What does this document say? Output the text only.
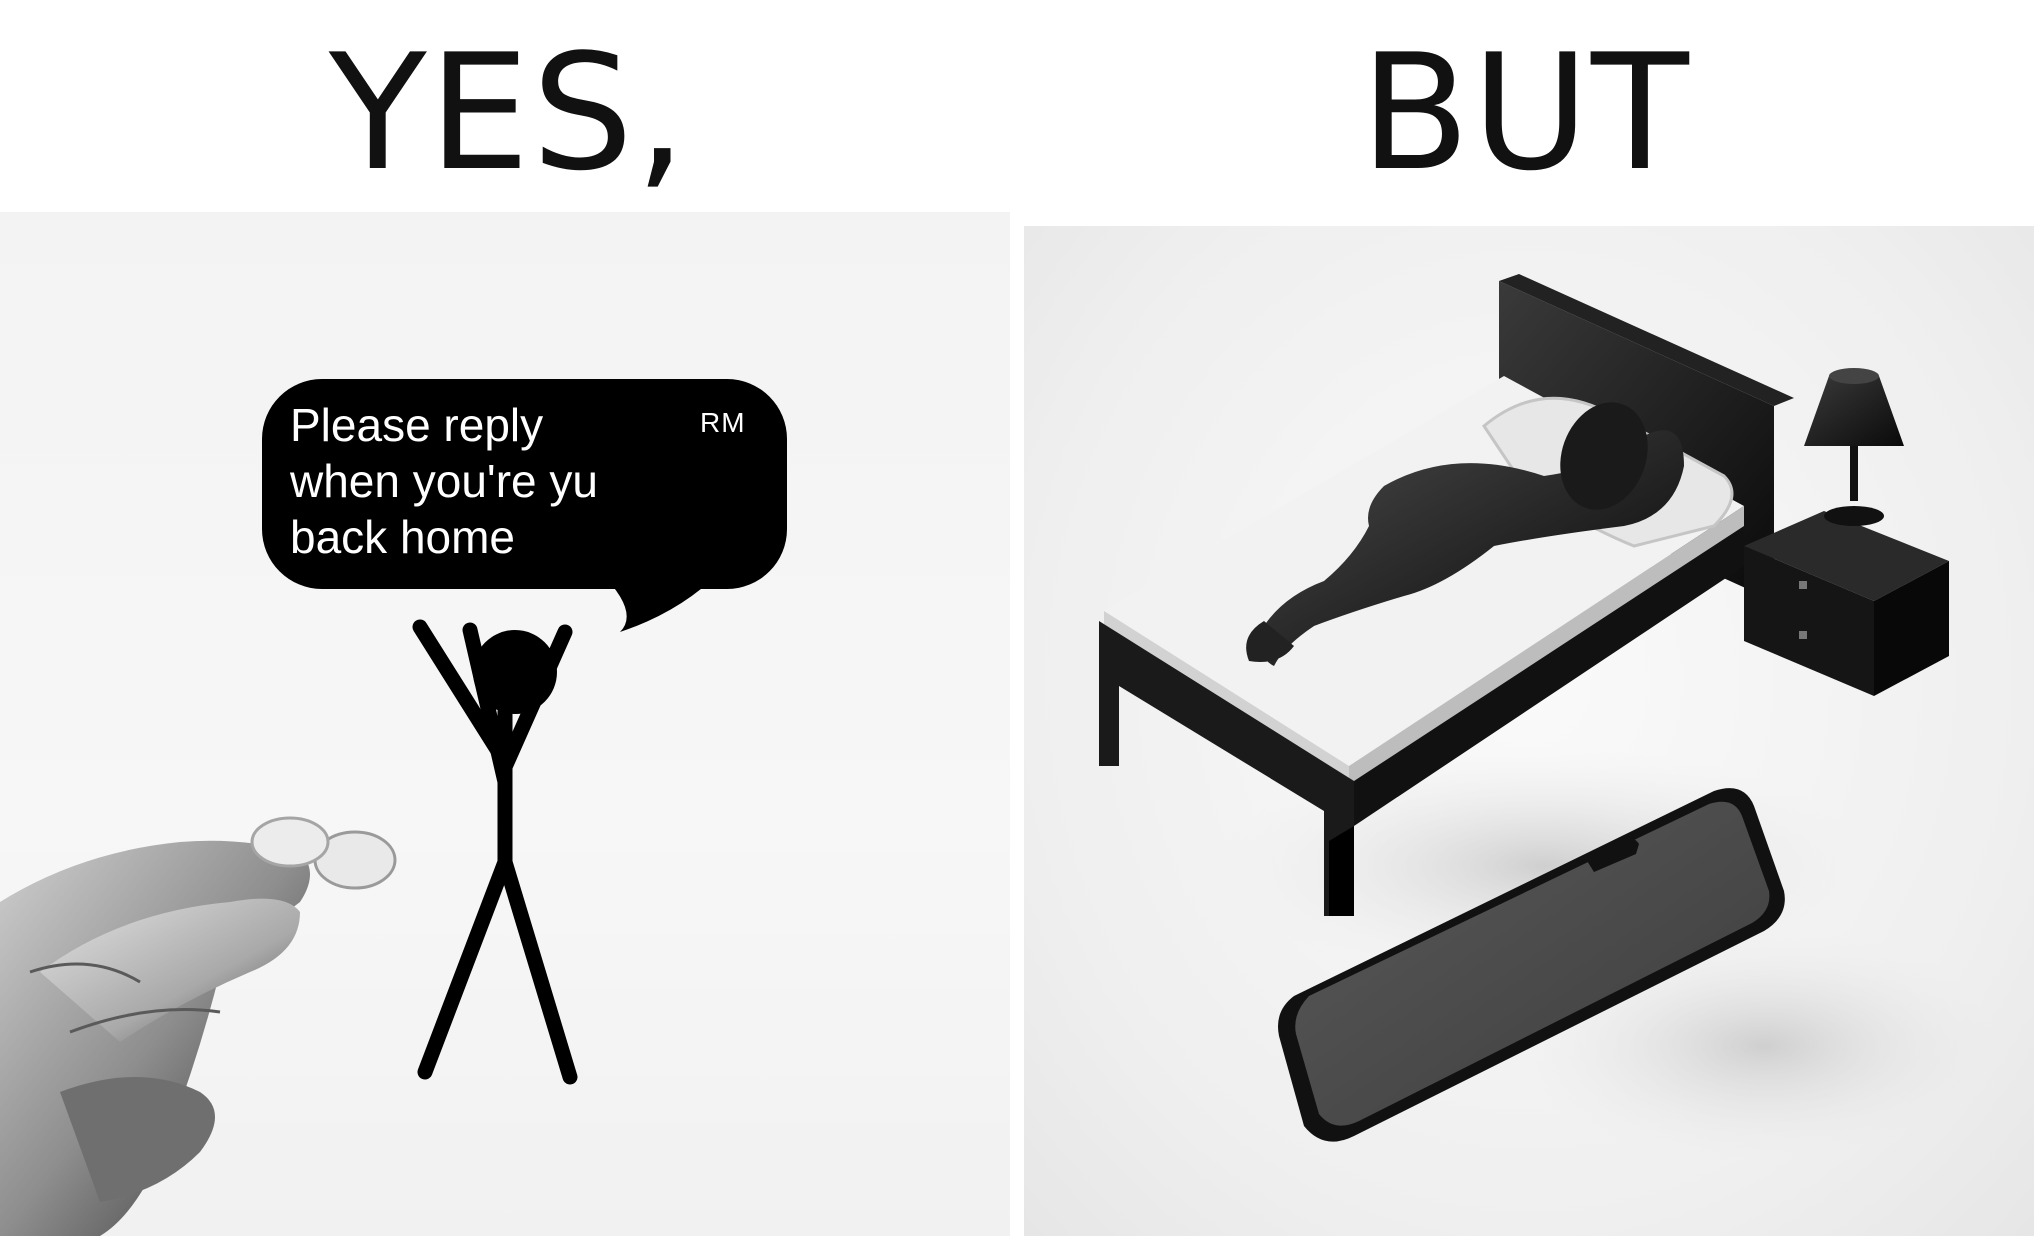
YES,	BUT
Please reply
when you're yu
back home
RM
